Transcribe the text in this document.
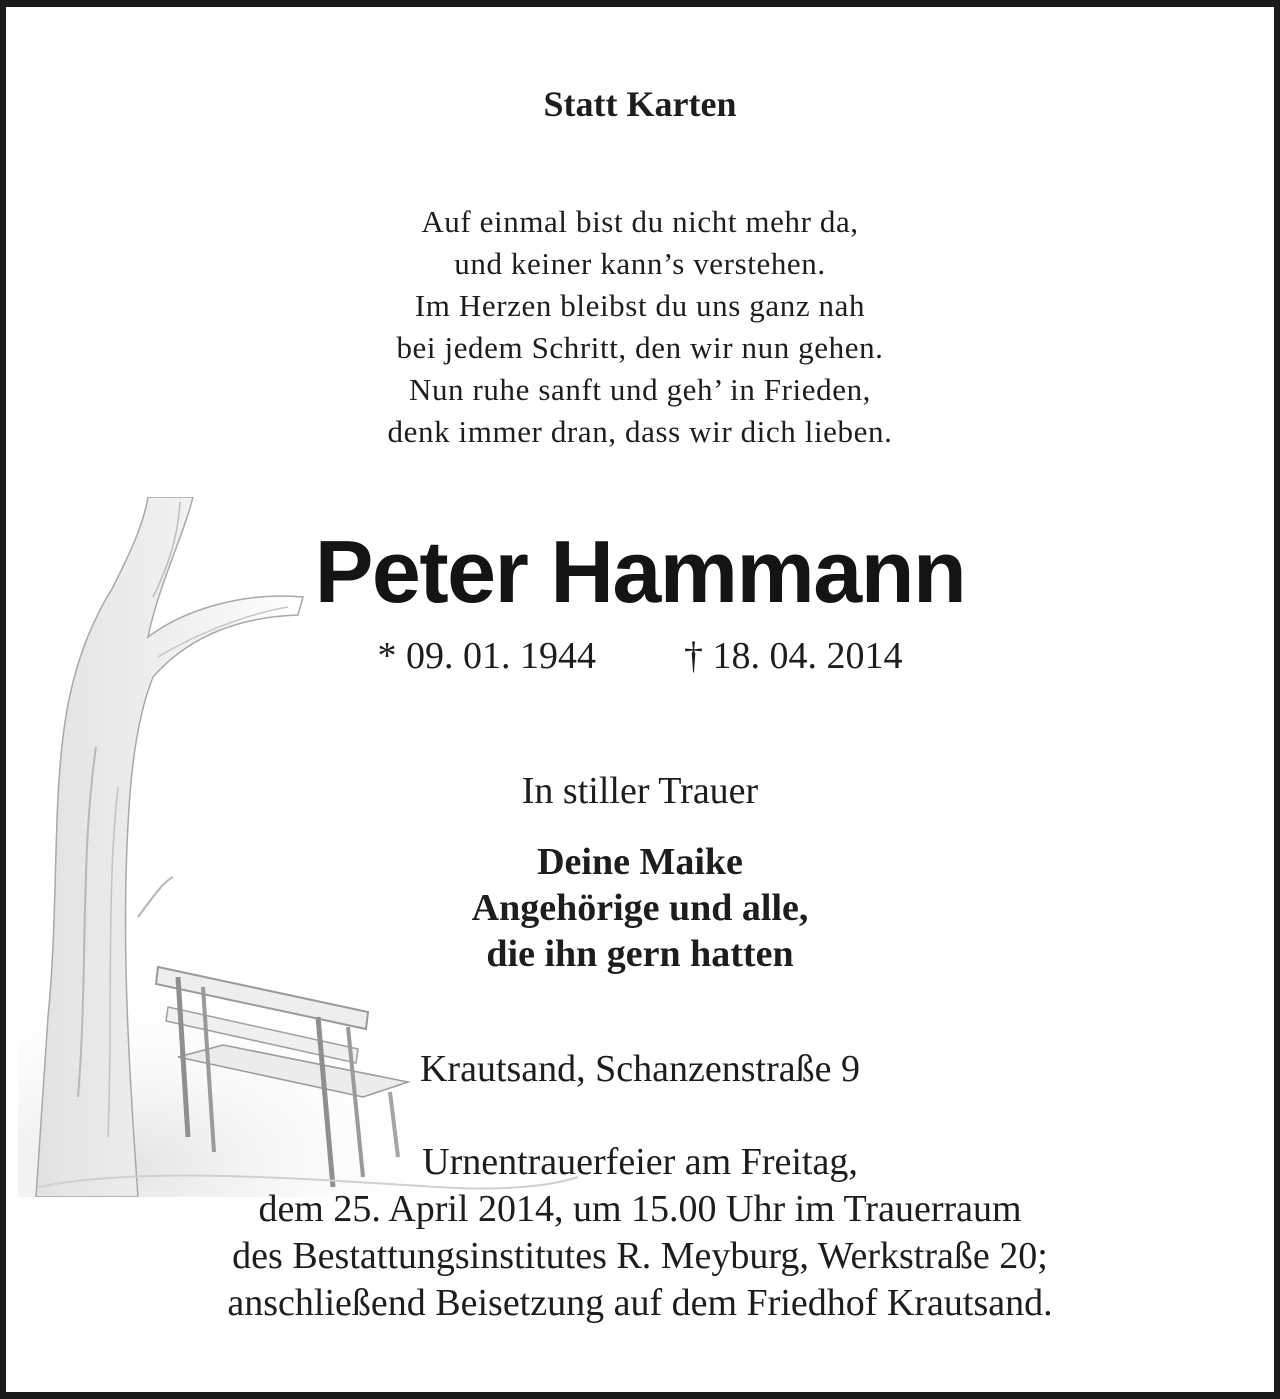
Statt Karten
Auf einmal bist du nicht mehr da,
und keiner kann’s verstehen.
Im Herzen bleibst du uns ganz nah
bei jedem Schritt, den wir nun gehen.
Nun ruhe sanft und geh’ in Frieden,
denk immer dran, dass wir dich lieben.
Peter Hammann
* 09. 01. 1944 † 18. 04. 2014
In stiller Trauer
Deine Maike
Angehörige und alle,
die ihn gern hatten
Krautsand, Schanzenstraße 9
Urnentrauerfeier am Freitag,
dem 25. April 2014, um 15.00 Uhr im Trauerraum
des Bestattungsinstitutes R. Meyburg, Werkstraße 20;
anschließend Beisetzung auf dem Friedhof Krautsand.
